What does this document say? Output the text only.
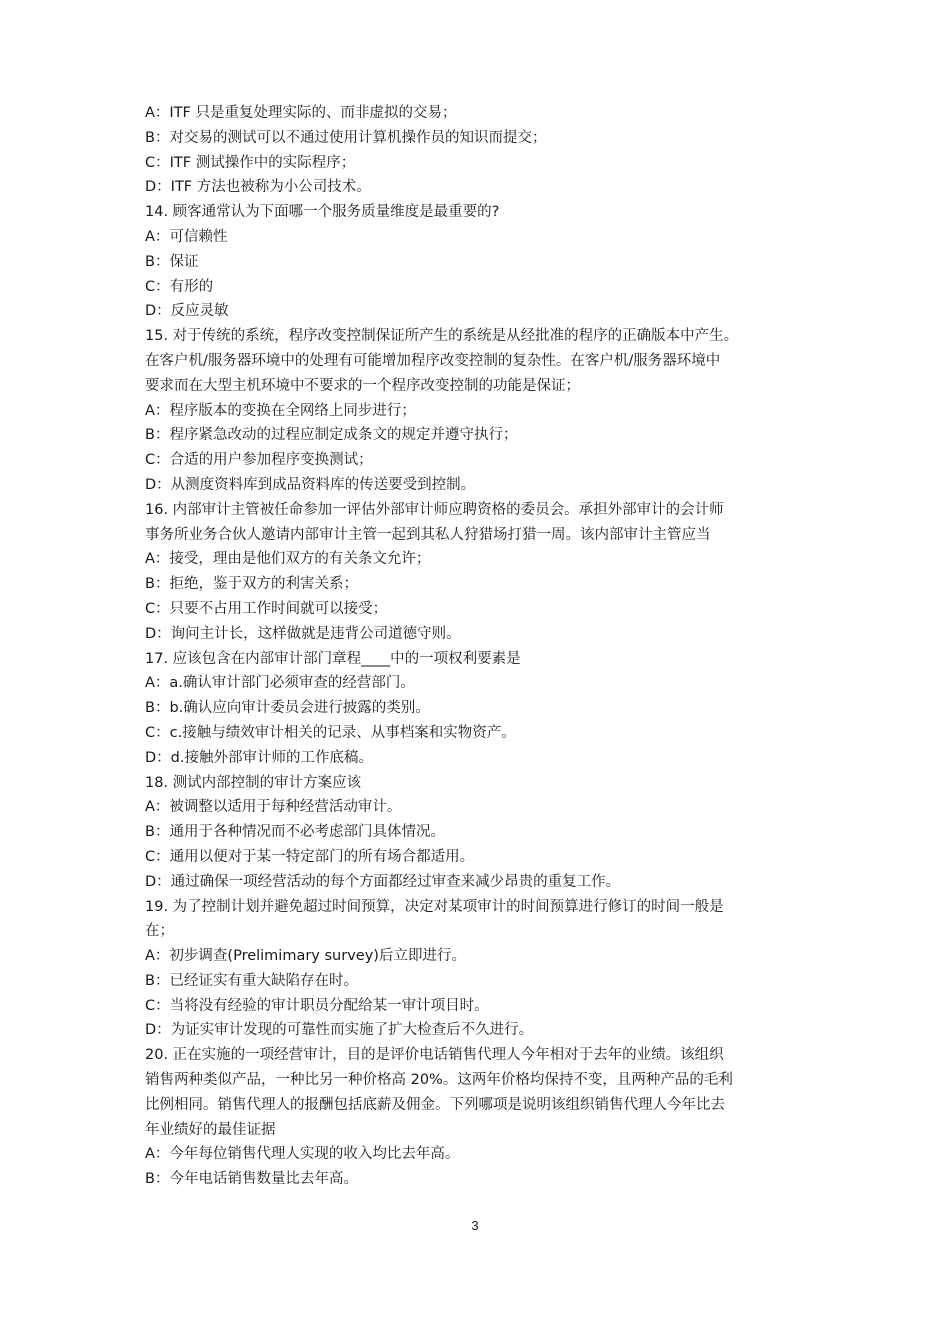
A：ITF 只是重复处理实际的、而非虚拟的交易；
B：对交易的测试可以不通过使用计算机操作员的知识而提交；
C：ITF 测试操作中的实际程序；
D：ITF 方法也被称为小公司技术。
14. 顾客通常认为下面哪一个服务质量维度是最重要的?
A：可信赖性
B：保证
C：有形的
D：反应灵敏
15. 对于传统的系统，程序改变控制保证所产生的系统是从经批准的程序的正确版本中产生。
在客户机/服务器环境中的处理有可能增加程序改变控制的复杂性。在客户机/服务器环境中
要求而在大型主机环境中不要求的一个程序改变控制的功能是保证；
A：程序版本的变换在全网络上同步进行；
B：程序紧急改动的过程应制定成条文的规定并遵守执行；
C：合适的用户参加程序变换测试；
D：从测度资料库到成品资料库的传送要受到控制。
16. 内部审计主管被任命参加一评估外部审计师应聘资格的委员会。承担外部审计的会计师
事务所业务合伙人邀请内部审计主管一起到其私人狩猎场打猎一周。该内部审计主管应当
A：接受，理由是他们双方的有关条文允许；
B：拒绝，鉴于双方的利害关系；
C：只要不占用工作时间就可以接受；
D：询问主计长，这样做就是违背公司道德守则。
17. 应该包含在内部审计部门章程____中的一项权利要素是
A：a.确认审计部门必须审查的经营部门。
B：b.确认应向审计委员会进行披露的类别。
C：c.接触与绩效审计相关的记录、从事档案和实物资产。
D：d.接触外部审计师的工作底稿。
18. 测试内部控制的审计方案应该
A：被调整以适用于每种经营活动审计。
B：通用于各种情况而不必考虑部门具体情况。
C：通用以便对于某一特定部门的所有场合都适用。
D：通过确保一项经营活动的每个方面都经过审查来减少昂贵的重复工作。
19. 为了控制计划并避免超过时间预算，决定对某项审计的时间预算进行修订的时间一般是
在；
A：初步调查(Prelimimary survey)后立即进行。
B：已经证实有重大缺陷存在时。
C：当将没有经验的审计职员分配给某一审计项目时。
D：为证实审计发现的可靠性而实施了扩大检查后不久进行。
20. 正在实施的一项经营审计，目的是评价电话销售代理人今年相对于去年的业绩。该组织
销售两种类似产品，一种比另一种价格高 20%。这两年价格均保持不变，且两种产品的毛利
比例相同。销售代理人的报酬包括底薪及佣金。下列哪项是说明该组织销售代理人今年比去
年业绩好的最佳证据
A：今年每位销售代理人实现的收入均比去年高。
B：今年电话销售数量比去年高。
3
